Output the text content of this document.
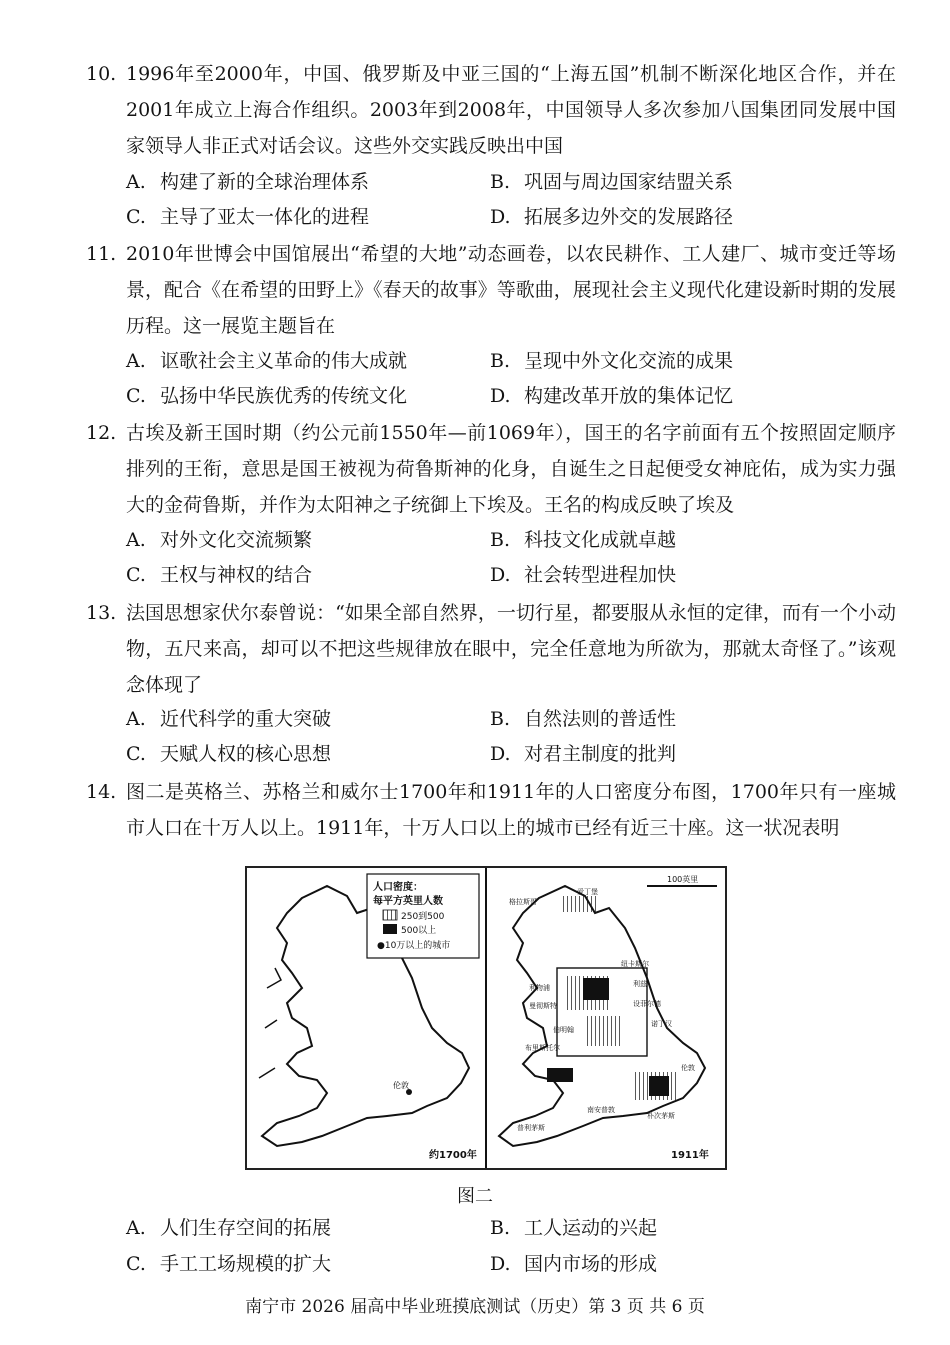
10. 1996年至2000年，中国、俄罗斯及中亚三国的“上海五国”机制不断深化地区合作，并在2001年成立上海合作组织。2003年到2008年，中国领导人多次参加八国集团同发展中国家领导人非正式对话会议。这些外交实践反映出中国
A. 构建了新的全球治理体系	B. 巩固与周边国家结盟关系
C. 主导了亚太一体化的进程	D. 拓展多边外交的发展路径
11. 2010年世博会中国馆展出“希望的大地”动态画卷，以农民耕作、工人建厂、城市变迁等场景，配合《在希望的田野上》《春天的故事》等歌曲，展现社会主义现代化建设新时期的发展历程。这一展览主题旨在
A. 讴歌社会主义革命的伟大成就	B. 呈现中外文化交流的成果
C. 弘扬中华民族优秀的传统文化	D. 构建改革开放的集体记忆
12. 古埃及新王国时期（约公元前1550年—前1069年），国王的名字前面有五个按照固定顺序排列的王衔，意思是国王被视为荷鲁斯神的化身，自诞生之日起便受女神庇佑，成为实力强大的金荷鲁斯，并作为太阳神之子统御上下埃及。王名的构成反映了埃及
A. 对外文化交流频繁	B. 科技文化成就卓越
C. 王权与神权的结合	D. 社会转型进程加快
13. 法国思想家伏尔泰曾说：“如果全部自然界，一切行星，都要服从永恒的定律，而有一个小动物，五尺来高，却可以不把这些规律放在眼中，完全任意地为所欲为，那就太奇怪了。”该观念体现了
A. 近代科学的重大突破	B. 自然法则的普适性
C. 天赋人权的核心思想	D. 对君主制度的批判
14. 图二是英格兰、苏格兰和威尔士1700年和1911年的人口密度分布图，1700年只有一座城市人口在十万人以上。1911年，十万人口以上的城市已经有近三十座。这一状况表明
人口密度：
每平方英里人数
250到500
500以上
●10万以上的城市
伦敦
约1700年
100英里
爱丁堡
格拉斯哥
纽卡斯尔
利物浦
曼彻斯特
利兹
设菲尔德
伯明翰
诺丁汉
布里斯托尔
伦敦
南安普敦
朴次茅斯
普利茅斯
1911年
图二
A. 人们生存空间的拓展	B. 工人运动的兴起
C. 手工工场规模的扩大	D. 国内市场的形成
南宁市 2026 届高中毕业班摸底测试（历史）第 3 页 共 6 页
